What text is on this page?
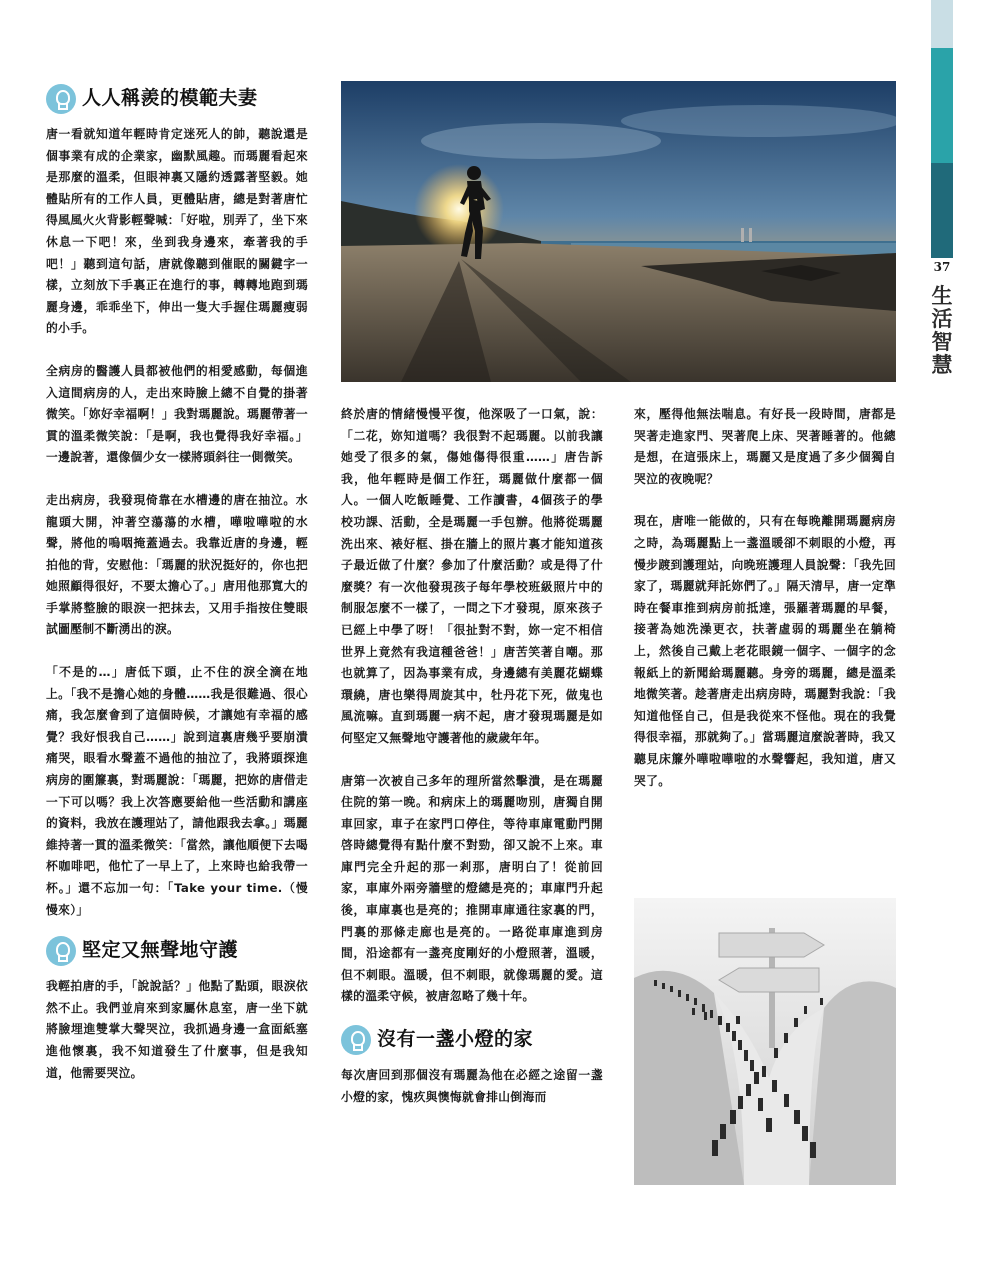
37
生活智慧
人人稱羨的模範夫妻

唐一看就知道年輕時肯定迷死人的帥，聽說還是個事業有成的企業家，幽默風趣。而瑪麗看起來是那麼的溫柔，但眼神裏又隱約透露著堅毅。她體貼所有的工作人員，更體貼唐，總是對著唐忙得風風火火背影輕聲喊：「好啦，別弄了，坐下來休息一下吧！來，坐到我身邊來，牽著我的手吧！」聽到這句話，唐就像聽到催眠的關鍵字一樣，立刻放下手裏正在進行的事，轉轉地跑到瑪麗身邊，乖乖坐下，伸出一隻大手握住瑪麗瘦弱的小手。

全病房的醫護人員都被他們的相愛感動，每個進入這間病房的人，走出來時臉上總不自覺的掛著微笑。「妳好幸福啊！」我對瑪麗說。瑪麗帶著一貫的溫柔微笑說：「是啊，我也覺得我好幸福。」一邊說著，還像個少女一樣將頭斜往一側微笑。

走出病房，我發現倚靠在水槽邊的唐在抽泣。水龍頭大開，沖著空蕩蕩的水槽，嘩啦嘩啦的水聲，將他的嗚咽掩蓋過去。我靠近唐的身邊，輕拍他的背，安慰他：「瑪麗的狀況挺好的，你也把她照顧得很好，不要太擔心了。」唐用他那寬大的手掌將整臉的眼淚一把抹去，又用手指按住雙眼試圖壓制不斷湧出的淚。

「不是的…」唐低下頭，止不住的淚全滴在地上。「我不是擔心她的身體……我是很難過、很心痛，我怎麼會到了這個時候，才讓她有幸福的感覺？我好恨我自己……」說到這裏唐幾乎要崩潰痛哭，眼看水聲蓋不過他的抽泣了，我將頭探進病房的圍簾裏，對瑪麗說：「瑪麗，把妳的唐借走一下可以嗎？我上次答應要給他一些活動和講座的資料，我放在護理站了，請他跟我去拿。」瑪麗維持著一貫的溫柔微笑：「當然，讓他順便下去喝杯咖啡吧，他忙了一早上了，上來時也給我帶一杯。」還不忘加一句：「Take your time.（慢慢來）」

堅定又無聲地守護

我輕拍唐的手，「說說話？」他點了點頭，眼淚依然不止。我們並肩來到家屬休息室，唐一坐下就將臉埋進雙掌大聲哭泣，我抓過身邊一盒面紙塞進他懷裏，我不知道發生了什麼事，但是我知道，他需要哭泣。

終於唐的情緒慢慢平復，他深吸了一口氣，說：「二花，妳知道嗎？我很對不起瑪麗。以前我讓她受了很多的氣，傷她傷得很重……」唐告訴我，他年輕時是個工作狂，瑪麗做什麼都一個人。一個人吃飯睡覺、工作讀書，4個孩子的學校功課、活動，全是瑪麗一手包辦。他將從瑪麗洗出來、裱好框、掛在牆上的照片裏才能知道孩子最近做了什麼？參加了什麼活動？或是得了什麼獎？有一次他發現孩子每年學校班級照片中的制服怎麼不一樣了，一問之下才發現，原來孩子已經上中學了呀！「很扯對不對，妳一定不相信世界上竟然有我這種爸爸！」唐苦笑著自嘲。那也就算了，因為事業有成，身邊總有美麗花蝴蝶環繞，唐也樂得周旋其中，牡丹花下死，做鬼也風流嘛。直到瑪麗一病不起，唐才發現瑪麗是如何堅定又無聲地守護著他的歲歲年年。

唐第一次被自己多年的理所當然擊潰，是在瑪麗住院的第一晚。和病床上的瑪麗吻別，唐獨自開車回家，車子在家門口停住，等待車庫電動門開啓時總覺得有點什麼不對勁，卻又說不上來。車庫門完全升起的那一剎那，唐明白了！從前回家，車庫外兩旁牆壁的燈總是亮的；車庫門升起後，車庫裏也是亮的；推開車庫通往家裏的門，門裏的那條走廊也是亮的。一路從車庫進到房間，沿途都有一盞亮度剛好的小燈照著，溫暖，但不刺眼。溫暖，但不刺眼，就像瑪麗的愛。這樣的溫柔守候，被唐忽略了幾十年。

沒有一盞小燈的家

每次唐回到那個沒有瑪麗為他在必經之途留一盞小燈的家，愧疚與懊悔就會排山倒海而

來，壓得他無法喘息。有好長一段時間，唐都是哭著走進家門、哭著爬上床、哭著睡著的。他總是想，在這張床上，瑪麗又是度過了多少個獨自哭泣的夜晚呢？

現在，唐唯一能做的，只有在每晚離開瑪麗病房之時，為瑪麗點上一盞溫暖卻不刺眼的小燈，再慢步踱到護理站，向晚班護理人員說聲：「我先回家了，瑪麗就拜託妳們了。」隔天清早，唐一定準時在餐車推到病房前抵達，張羅著瑪麗的早餐，接著為她洗澡更衣，扶著虛弱的瑪麗坐在躺椅上，然後自己戴上老花眼鏡一個字、一個字的念報紙上的新聞給瑪麗聽。身旁的瑪麗，總是溫柔地微笑著。趁著唐走出病房時，瑪麗對我說：「我知道他怪自己，但是我從來不怪他。現在的我覺得很幸福，那就夠了。」當瑪麗這麼說著時，我又聽見床簾外嘩啦嘩啦的水聲響起，我知道，唐又哭了。
